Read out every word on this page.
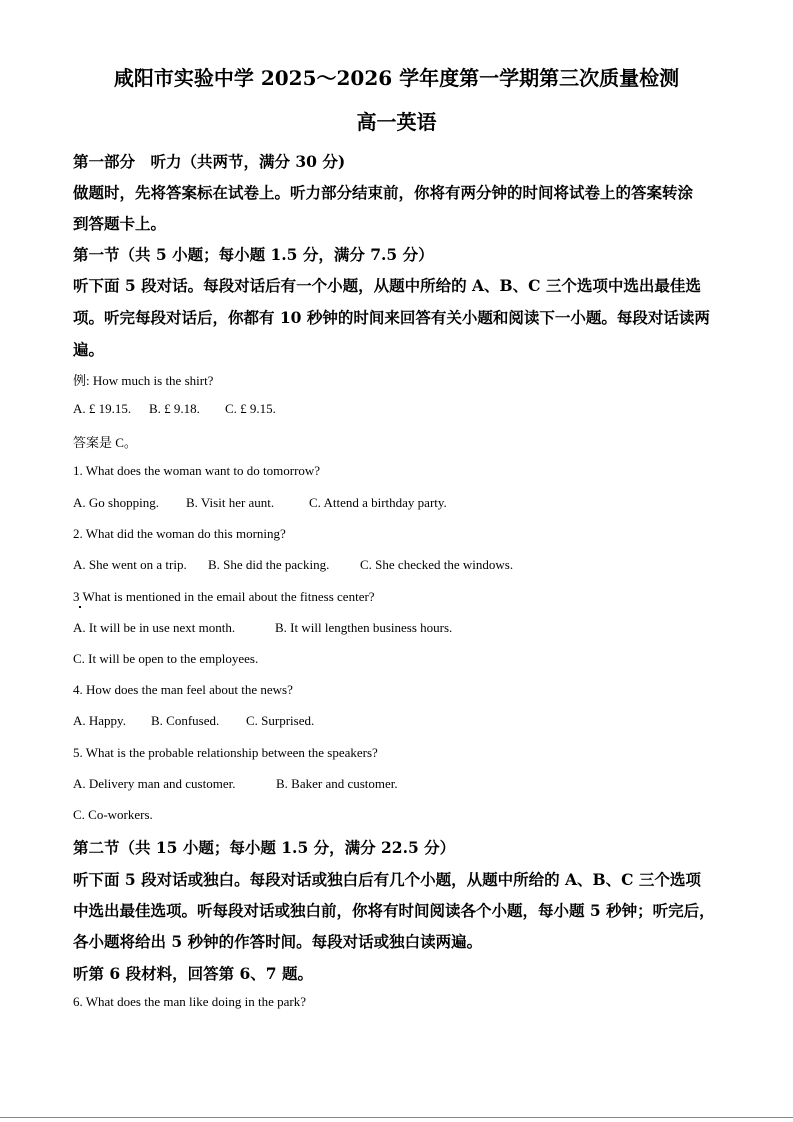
咸阳市实验中学 2025～2026 学年度第一学期第三次质量检测
高一英语
第一部分　听力（共两节，满分 30 分)
做题时，先将答案标在试卷上。听力部分结束前，你将有两分钟的时间将试卷上的答案转涂
到答题卡上。
第一节（共 5 小题；每小题 1.5 分，满分 7.5 分）
听下面 5 段对话。每段对话后有一个小题，从题中所给的 A、B、C 三个选项中选出最佳选
项。听完每段对话后，你都有 10 秒钟的时间来回答有关小题和阅读下一小题。每段对话读两
遍。
例: How much is the shirt?
A. £ 19.15. B. £ 9.18. C. £ 9.15.
答案是 C。
1. What does the woman want to do tomorrow?
A. Go shopping. B. Visit her aunt.	C. Attend a birthday party.
2. What did the woman do this morning?
A. She went on a trip. B. She did the packing. C. She checked the windows.
3 What is mentioned in the email about the fitness center?
A. It will be in use next month.	B. It will lengthen business hours.
C. It will be open to the employees.
4. How does the man feel about the news?
A. Happy. B. Confused. C. Surprised.
5. What is the probable relationship between the speakers?
A. Delivery man and customer.	B. Baker and customer.
C. Co-workers.
第二节（共 15 小题；每小题 1.5 分，满分 22.5 分）
听下面 5 段对话或独白。每段对话或独白后有几个小题，从题中所给的 A、B、C 三个选项
中选出最佳选项。听每段对话或独白前，你将有时间阅读各个小题，每小题 5 秒钟；听完后，
各小题将给出 5 秒钟的作答时间。每段对话或独白读两遍。
听第 6 段材料，回答第 6、7 题。
6. What does the man like doing in the park?
